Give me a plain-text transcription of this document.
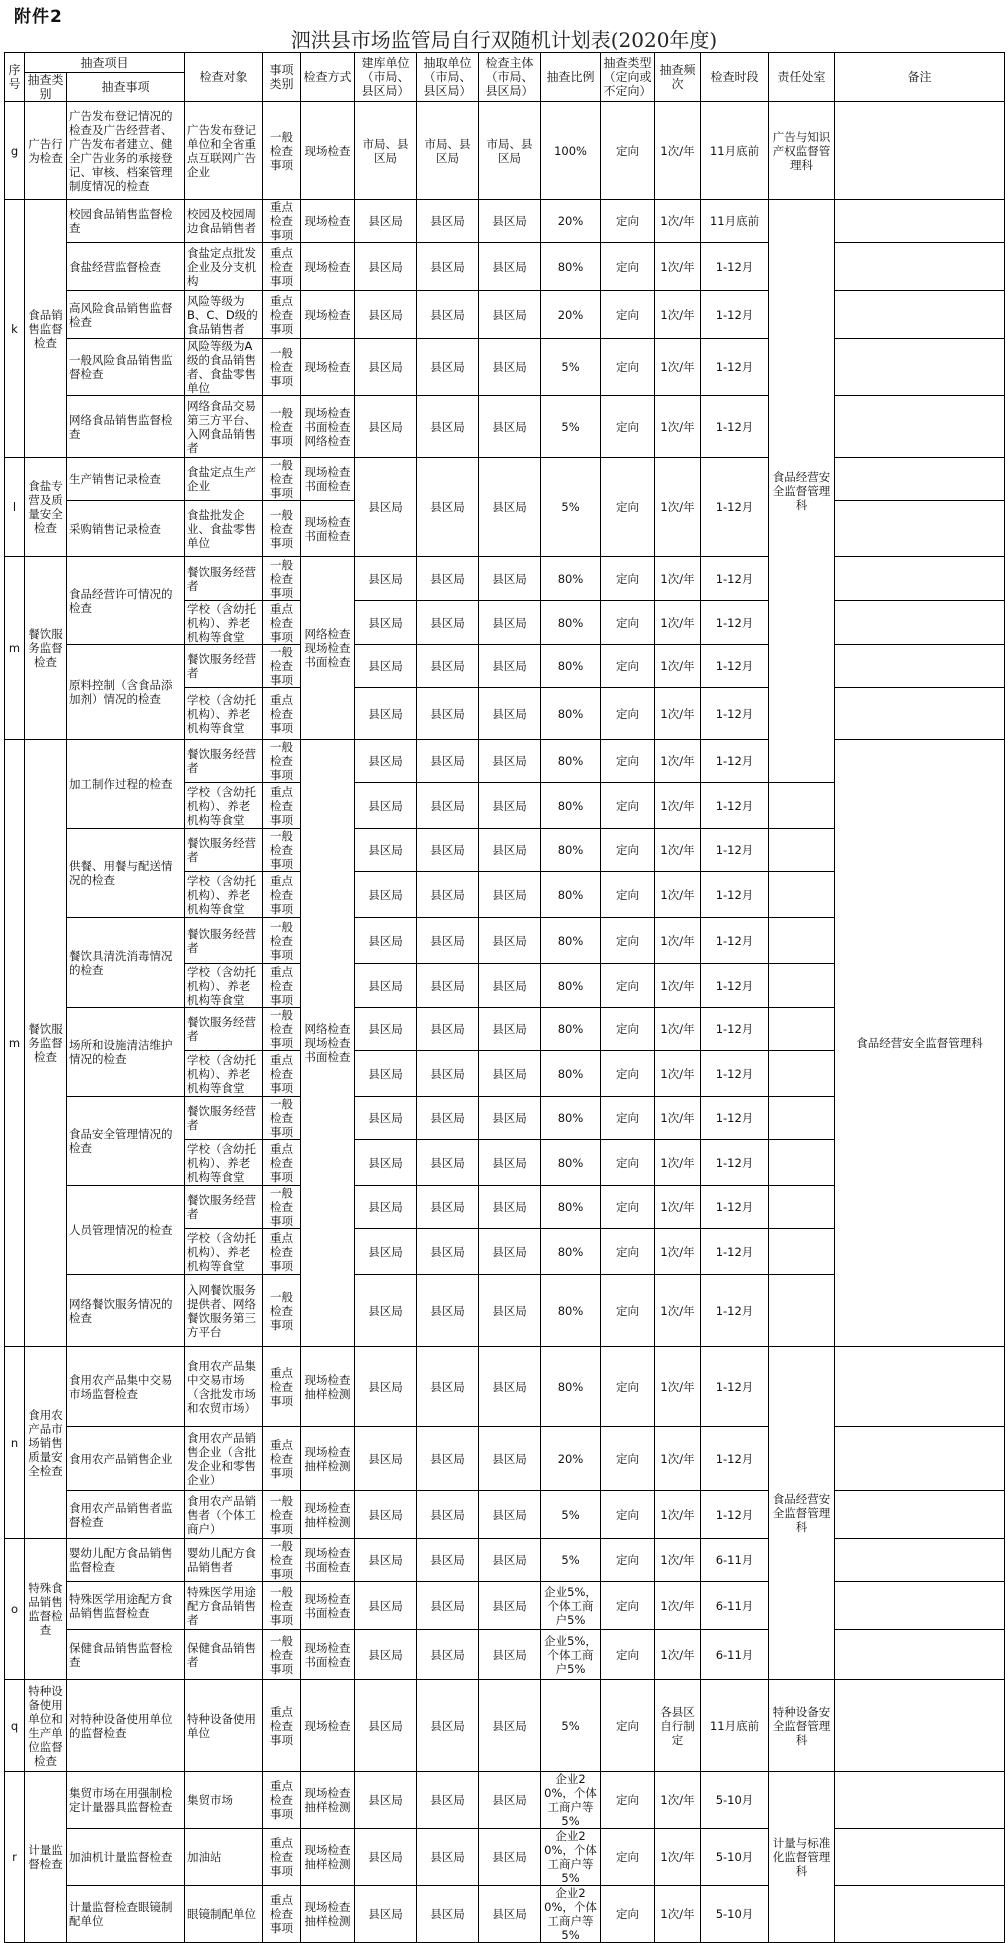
附件2
泗洪县市场监管局自行双随机计划表(2020年度)
序号	抽查项目		检查对象	事项类别	检查方式	建库单位（市局、县区局）	抽取单位（市局、县区局）	检查主体（市局、县区局）	抽查比例	抽查类型（定向或不定向）	抽查频次	检查时段	责任处室	备注	
	抽查类别	抽查事项													
g	广告行为检查	广告发布登记情况的检查及广告经营者、广告发布者建立、健全广告业务的承接登记、审核、档案管理制度情况的检查	广告发布登记单位和全省重点互联网广告企业	一般检查事项	现场检查	市局、县区局	市局、县区局	市局、县区局	100%	定向	1次/年	11月底前	广告与知识产权监督管理科		
k	食品销售监督检查	校园食品销售监督检查	校园及校园周边食品销售者	重点检查事项	现场检查	县区局	县区局	县区局	20%	定向	1次/年	11月底前	食品经营安全监督管理科		
		食盐经营监督检查	食盐定点批发企业及分支机构	重点检查事项	现场检查	县区局	县区局	县区局	80%	定向	1次/年	1-12月			
		高风险食品销售监督检查	风险等级为B、C、D级的食品销售者	重点检查事项	现场检查	县区局	县区局	县区局	20%	定向	1次/年	1-12月			
		一般风险食品销售监督检查	风险等级为A级的食品销售者、食盐零售单位	一般检查事项	现场检查	县区局	县区局	县区局	5%	定向	1次/年	1-12月			
		网络食品销售监督检查	网络食品交易第三方平台、入网食品销售者	一般检查事项	现场检查书面检查网络检查	县区局	县区局	县区局	5%	定向	1次/年	1-12月			
l	食盐专营及质量安全检查	生产销售记录检查	食盐定点生产企业	一般检查事项	现场检查书面检查	县区局	县区局	县区局	5%	定向	1次/年	1-12月			
		采购销售记录检查	食盐批发企业、食盐零售单位	一般检查事项	现场检查书面检查										
m	餐饮服务监督检查	食品经营许可情况的检查	餐饮服务经营者	一般检查事项	网络检查现场检查书面检查	县区局	县区局	县区局	80%	定向	1次/年	1-12月			
			学校（含幼托机构）、养老机构等食堂	重点检查事项		县区局	县区局	县区局	80%	定向	1次/年	1-12月			
		原料控制（含食品添加剂）情况的检查	餐饮服务经营者	一般检查事项		县区局	县区局	县区局	80%	定向	1次/年	1-12月			
			学校（含幼托机构）、养老机构等食堂	重点检查事项		县区局	县区局	县区局	80%	定向	1次/年	1-12月			
m	餐饮服务监督检查	加工制作过程的检查	餐饮服务经营者	一般检查事项	网络检查现场检查书面检查	县区局	县区局	县区局	80%	定向	1次/年	1-12月		食品经营安全监督管理科	
			学校（含幼托机构）、养老机构等食堂	重点检查事项		县区局	县区局	县区局	80%	定向	1次/年	1-12月			
		供餐、用餐与配送情况的检查	餐饮服务经营者	一般检查事项		县区局	县区局	县区局	80%	定向	1次/年	1-12月			
			学校（含幼托机构）、养老机构等食堂	重点检查事项		县区局	县区局	县区局	80%	定向	1次/年	1-12月			
		餐饮具清洗消毒情况的检查	餐饮服务经营者	一般检查事项		县区局	县区局	县区局	80%	定向	1次/年	1-12月			
			学校（含幼托机构）、养老机构等食堂	重点检查事项		县区局	县区局	县区局	80%	定向	1次/年	1-12月			
		场所和设施清洁维护情况的检查	餐饮服务经营者	一般检查事项		县区局	县区局	县区局	80%	定向	1次/年	1-12月			
			学校（含幼托机构）、养老机构等食堂	重点检查事项		县区局	县区局	县区局	80%	定向	1次/年	1-12月			
		食品安全管理情况的检查	餐饮服务经营者	一般检查事项		县区局	县区局	县区局	80%	定向	1次/年	1-12月			
			学校（含幼托机构）、养老机构等食堂	重点检查事项		县区局	县区局	县区局	80%	定向	1次/年	1-12月			
		人员管理情况的检查	餐饮服务经营者	一般检查事项		县区局	县区局	县区局	80%	定向	1次/年	1-12月			
			学校（含幼托机构）、养老机构等食堂	重点检查事项		县区局	县区局	县区局	80%	定向	1次/年	1-12月			
		网络餐饮服务情况的检查	入网餐饮服务提供者、网络餐饮服务第三方平台	一般检查事项		县区局	县区局	县区局	80%	定向	1次/年	1-12月			
n	食用农产品市场销售质量安全检查	食用农产品集中交易市场监督检查	食用农产品集中交易市场（含批发市场和农贸市场）	重点检查事项	现场检查抽样检测	县区局	县区局	县区局	80%	定向	1次/年	1-12月	食品经营安全监督管理科		
		食用农产品销售企业	食用农产品销售企业（含批发企业和零售企业）	重点检查事项	现场检查抽样检测	县区局	县区局	县区局	20%	定向	1次/年	1-12月			
		食用农产品销售者监督检查	食用农产品销售者（个体工商户）	一般检查事项	现场检查抽样检测	县区局	县区局	县区局	5%	定向	1次/年	1-12月			
o	特殊食品销售监督检查	婴幼儿配方食品销售监督检查	婴幼儿配方食品销售者	一般检查事项	现场检查书面检查	县区局	县区局	县区局	5%	定向	1次/年	6-11月			
		特殊医学用途配方食品销售监督检查	特殊医学用途配方食品销售者	一般检查事项	现场检查书面检查	县区局	县区局	县区局	企业5%，个体工商户5%	定向	1次/年	6-11月			
		保健食品销售监督检查	保健食品销售者	一般检查事项	现场检查书面检查	县区局	县区局	县区局	企业5%，个体工商户5%	定向	1次/年	6-11月			
q	特种设备使用单位和生产单位监督检查	对特种设备使用单位的监督检查	特种设备使用单位	重点检查事项	现场检查	县区局	县区局	县区局	5%	定向	各县区自行制定	11月底前	特种设备安全监督管理科		
r	计量监督检查	集贸市场在用强制检定计量器具监督检查	集贸市场	重点检查事项	现场检查抽样检测	县区局	县区局	县区局	企业20%，个体工商户等5%	定向	1次/年	5-10月	计量与标准化监督管理科		
		加油机计量监督检查	加油站	重点检查事项	现场检查抽样检测	县区局	县区局	县区局	企业20%，个体工商户等5%	定向	1次/年	5-10月			
		计量监督检查眼镜制配单位	眼镜制配单位	重点检查事项	现场检查抽样检测	县区局	县区局	县区局	企业20%，个体工商户等5%	定向	1次/年	5-10月			
